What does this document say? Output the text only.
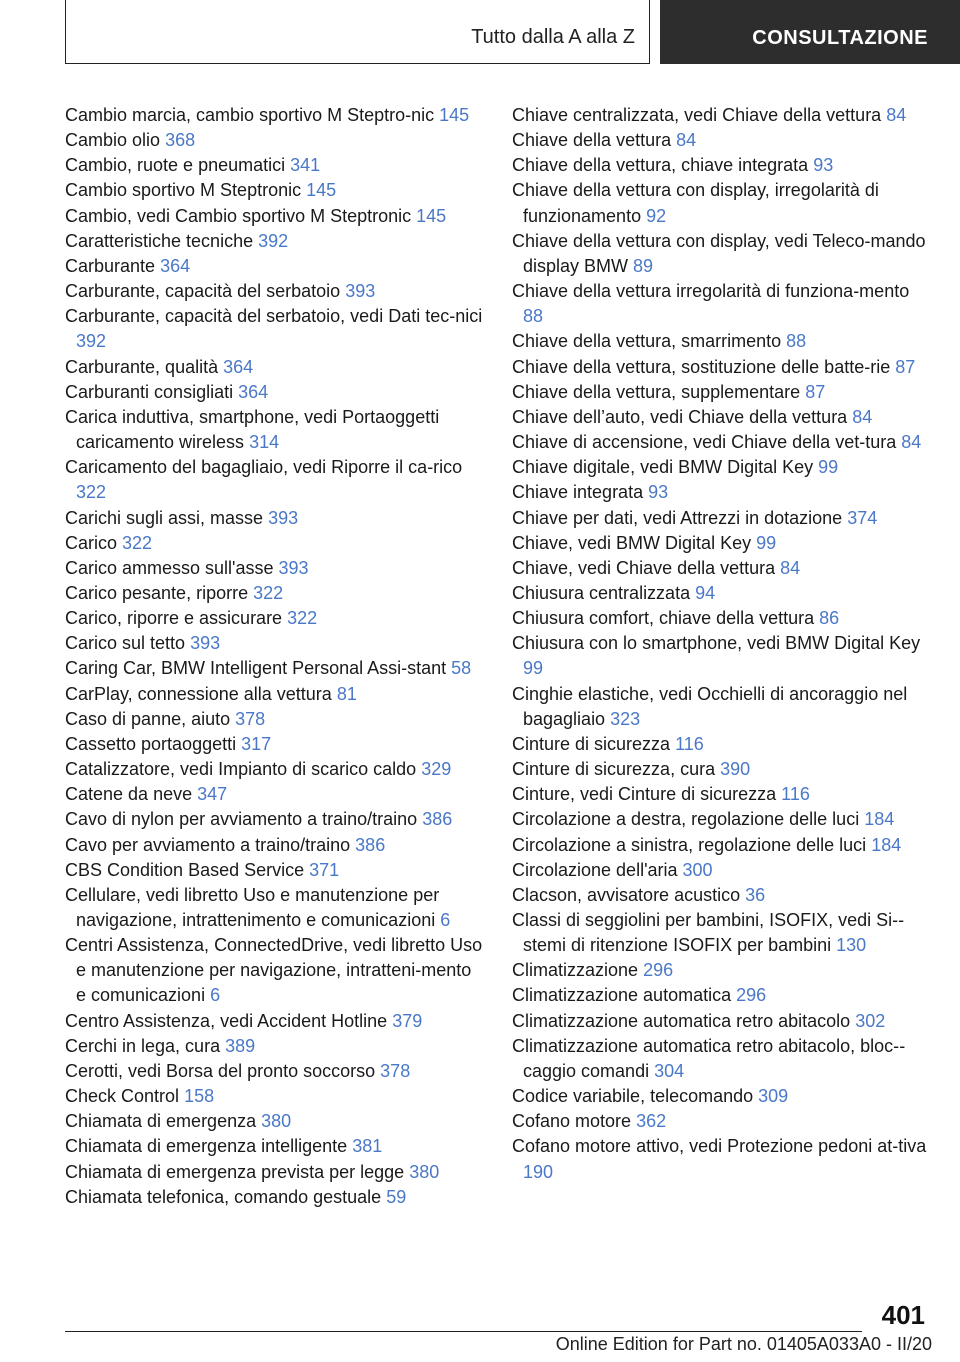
Tutto dalla A alla Z	CONSULTAZIONE
Cambio marcia, cambio sportivo M Steptro-nic 145
Cambio olio 368
Cambio, ruote e pneumatici 341
Cambio sportivo M Steptronic 145
Cambio, vedi Cambio sportivo M Steptronic 145
Caratteristiche tecniche 392
Carburante 364
Carburante, capacità del serbatoio 393
Carburante, capacità del serbatoio, vedi Dati tec-nici 392
Carburante, qualità 364
Carburanti consigliati 364
Carica induttiva, smartphone, vedi Portaoggetti caricamento wireless 314
Caricamento del bagagliaio, vedi Riporre il ca-rico 322
Carichi sugli assi, masse 393
Carico 322
Carico ammesso sull'asse 393
Carico pesante, riporre 322
Carico, riporre e assicurare 322
Carico sul tetto 393
Caring Car, BMW Intelligent Personal Assi-stant 58
CarPlay, connessione alla vettura 81
Caso di panne, aiuto 378
Cassetto portaoggetti 317
Catalizzatore, vedi Impianto di scarico caldo 329
Catene da neve 347
Cavo di nylon per avviamento a traino/traino 386
Cavo per avviamento a traino/traino 386
CBS Condition Based Service 371
Cellulare, vedi libretto Uso e manutenzione per navigazione, intrattenimento e comunicazioni 6
Centri Assistenza, ConnectedDrive, vedi libretto Uso e manutenzione per navigazione, intratteni-mento e comunicazioni 6
Centro Assistenza, vedi Accident Hotline 379
Cerchi in lega, cura 389
Cerotti, vedi Borsa del pronto soccorso 378
Check Control 158
Chiamata di emergenza 380
Chiamata di emergenza intelligente 381
Chiamata di emergenza prevista per legge 380
Chiamata telefonica, comando gestuale 59
Chiave centralizzata, vedi Chiave della vettura 84
Chiave della vettura 84
Chiave della vettura, chiave integrata 93
Chiave della vettura con display, irregolarità di funzionamento 92
Chiave della vettura con display, vedi Teleco-mando display BMW 89
Chiave della vettura irregolarità di funziona-mento 88
Chiave della vettura, smarrimento 88
Chiave della vettura, sostituzione delle batte-rie 87
Chiave della vettura, supplementare 87
Chiave dell’auto, vedi Chiave della vettura 84
Chiave di accensione, vedi Chiave della vet-tura 84
Chiave digitale, vedi BMW Digital Key 99
Chiave integrata 93
Chiave per dati, vedi Attrezzi in dotazione 374
Chiave, vedi BMW Digital Key 99
Chiave, vedi Chiave della vettura 84
Chiusura centralizzata 94
Chiusura comfort, chiave della vettura 86
Chiusura con lo smartphone, vedi BMW Digital Key 99
Cinghie elastiche, vedi Occhielli di ancoraggio nel bagagliaio 323
Cinture di sicurezza 116
Cinture di sicurezza, cura 390
Cinture, vedi Cinture di sicurezza 116
Circolazione a destra, regolazione delle luci 184
Circolazione a sinistra, regolazione delle luci 184
Circolazione dell'aria 300
Clacson, avvisatore acustico 36
Classi di seggiolini per bambini, ISOFIX, vedi Si-stemi di ritenzione ISOFIX per bambini 130
Climatizzazione 296
Climatizzazione automatica 296
Climatizzazione automatica retro abitacolo 302
Climatizzazione automatica retro abitacolo, bloc-caggio comandi 304
Codice variabile, telecomando 309
Cofano motore 362
Cofano motore attivo, vedi Protezione pedoni at-tiva 190
401
Online Edition for Part no. 01405A033A0 - II/20
